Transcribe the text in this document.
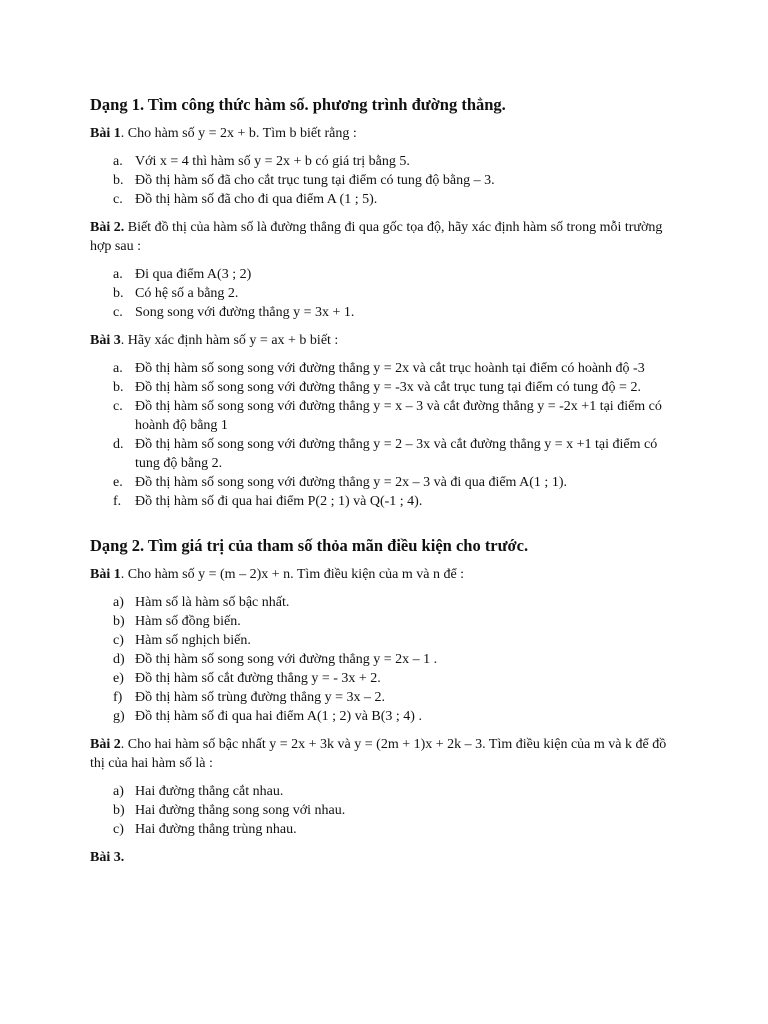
Dạng 1. Tìm công thức hàm số. phương trình đường thẳng.

Bài 1. Cho hàm số y = 2x + b. Tìm b biết rằng :

a. Với x = 4 thì hàm số y = 2x + b có giá trị bằng 5.
b. Đồ thị hàm số đã cho cắt trục tung tại điểm có tung độ bằng – 3.
c. Đồ thị hàm số đã cho đi qua điểm A (1 ; 5).

Bài 2. Biết đồ thị của hàm số là đường thẳng đi qua gốc tọa độ, hãy xác định hàm số trong mỗi trường hợp sau :

a. Đi qua điểm A(3 ; 2)
b. Có hệ số a bằng 2.
c. Song song với đường thẳng y = 3x + 1.

Bài 3. Hãy xác định hàm số y = ax + b biết :

a. Đồ thị hàm số song song với đường thẳng y = 2x và cắt trục hoành tại điểm có hoành độ -3
b. Đồ thị hàm số song song với đường thẳng y = -3x và cắt trục tung tại điểm có tung độ = 2.
c. Đồ thị hàm số song song với đường thẳng y = x – 3 và cắt đường thẳng y = -2x +1 tại điểm có hoành độ bằng 1
d. Đồ thị hàm số song song với đường thẳng y = 2 – 3x và cắt đường thẳng y = x +1 tại điểm có tung độ bằng 2.
e. Đồ thị hàm số song song với đường thẳng y = 2x – 3 và đi qua điểm A(1 ; 1).
f. Đồ thị hàm số đi qua hai điểm P(2 ; 1) và Q(-1 ; 4).
Dạng 2. Tìm giá trị của tham số thỏa mãn điều kiện cho trước.

Bài 1. Cho hàm số y = (m – 2)x + n. Tìm điều kiện của m và n để :

a) Hàm số là hàm số bậc nhất.
b) Hàm số đồng biến.
c) Hàm số nghịch biến.
d) Đồ thị hàm số song song với đường thẳng y = 2x – 1 .
e) Đồ thị hàm số cắt đường thẳng y = - 3x + 2.
f) Đồ thị hàm số trùng đường thẳng y = 3x – 2.
g) Đồ thị hàm số đi qua hai điểm A(1 ; 2) và B(3 ; 4) .

Bài 2. Cho hai hàm số bậc nhất y = 2x + 3k và y = (2m + 1)x + 2k – 3. Tìm điều kiện của m và k để đồ thị của hai hàm số là :

a) Hai đường thẳng cắt nhau.
b) Hai đường thẳng song song với nhau.
c) Hai đường thẳng trùng nhau.

Bài 3.
